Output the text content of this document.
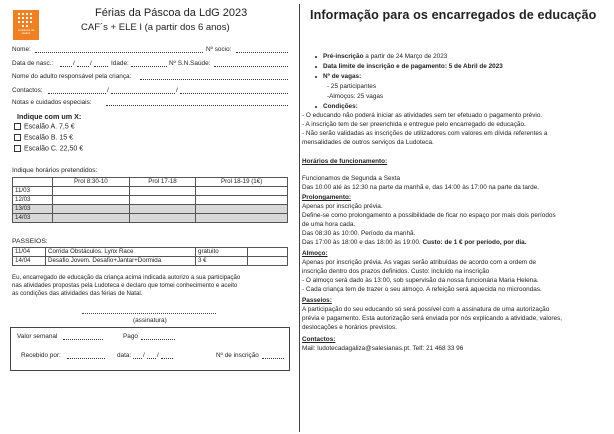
Ludoteca da Galiza
Férias da Páscoa da LdG 2023
CAF´s + ELE I (a partir dos 6 anos)
Nome:	Nº socio:
Data de nasc.:	/ /	Idade:	Nº S.N.Saúde:
Nome do adulto responsável pela criança:
Contactos:	/	/
Notas e cuidados especiais:
Indique com um X:
Escalão A. 7,5 €
Escalão B. 15 €
Escalão C. 22,50 €
Indique horários pretendidos:
	Prol 8:30-10	Prol 17-18	Prol 18-19 (1€)
11/03			
12/03			
13/03			
14/03			
PASSEIOS:
11/04	Corrida Obstáculos. Lynx Race	gratuito	
14/04	Desafio Jovem. Desafio+Jantar+Dormida	3 €	
Eu, encarregado de educação da criança acima indicada autorizo a sua participação
nas atividades propostas pela Ludoteca e declaro que tomei conhecimento e aceito
as condições das atividades das férias de Natal.
(assinatura)
Valor semanal	Pago
Recebido por:	data: / /	Nº de inscrição
Informação para os encarregados de educação
Pré-inscrição a partir de 24 Março de 2023
Data limite de inscrição e de pagamento: 5 de Abril de 2023
Nº de vagas:
- 25 participantes
-Almoços: 25 vagas
Condições:
- O educando não poderá iniciar as atividades sem ter efetuado o pagamento prévio.
- A inscrição tem de ser preenchida e entregue pelo encarregado de educação.
- Não serão validadas as inscrições de utilizadores com valores em dívida referentes a
mensalidades de outros serviços da Ludoteca.
Horários de funcionamento:
Funcionamos de Segunda a Sexta
Das 10:00 até às 12:30 na parte da manhã e, das 14:00 às 17:00 na parte da tarde.
Prolongamento:
Apenas por inscrição prévia.
Define-se como prolongamento a possibilidade de ficar no espaço por mais dois períodos
de uma hora cada.
Das 08:30 às 10:00. Período da manhã.
Das 17:00 às 18:00 e das 18:00 às 19:00. Custo: de 1 € por período, por dia.
Almoço:
Apenas por inscrição prévia. As vagas serão atribuídas de acordo com a ordem de
inscrição dentro dos prazos definidos. Custo: incluído na inscrição
- O almoço será dado às 13:00, sob supervisão da nossa funcionária Maria Helena.
- Cada criança tem de trazer o seu almoço. A refeição será aquecida no microondas.
Passeios:
A participação do seu educando só será possível com a assinatura de uma autorização
prévia e pagamento. Esta autorização será enviada por nós explicando a atividade, valores,
deslocações e horários previstos.
Contactos:
Mail: ludotecadagaliza@salesianas.pt. Telf: 21 468 33 96
